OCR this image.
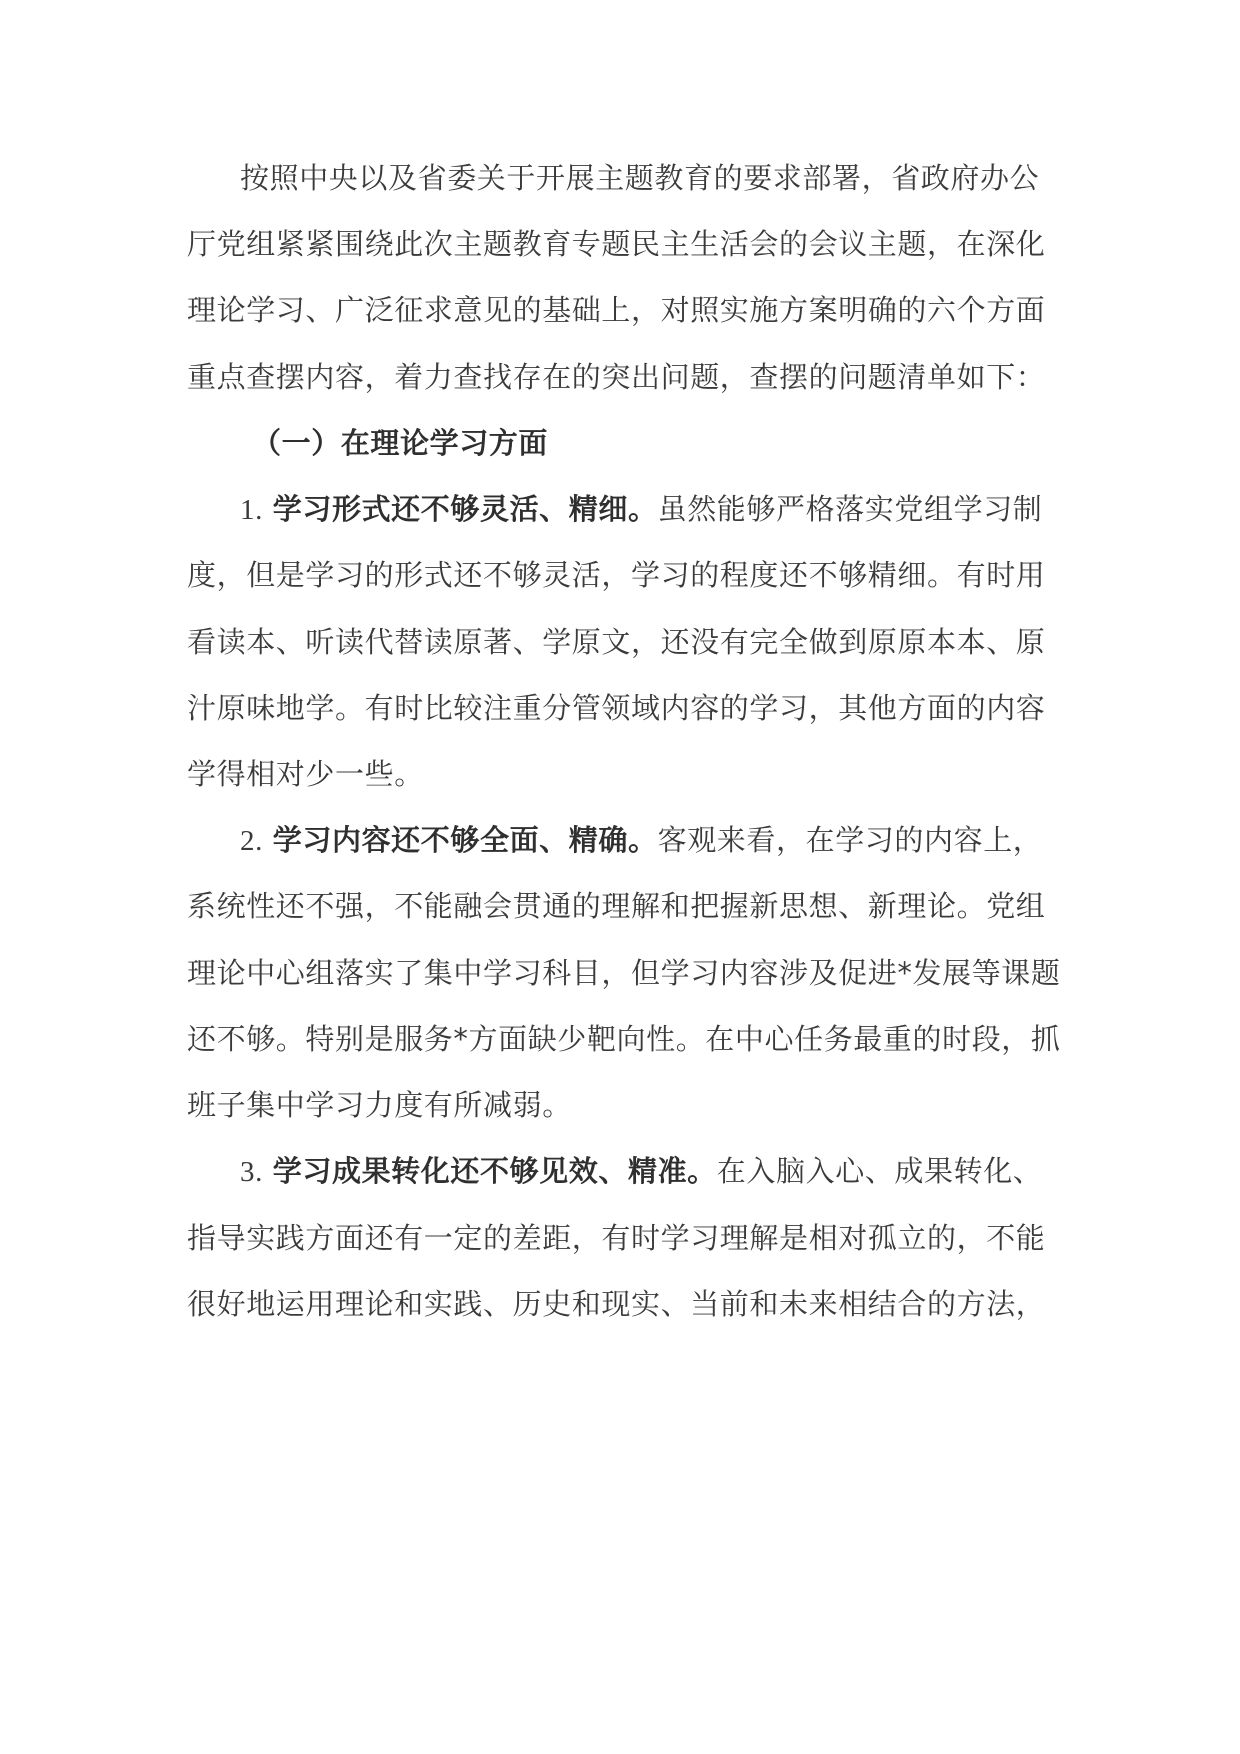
按照中央以及省委关于开展主题教育的要求部署，省政府办公
厅党组紧紧围绕此次主题教育专题民主生活会的会议主题，在深化
理论学习、广泛征求意见的基础上，对照实施方案明确的六个方面
重点查摆内容，着力查找存在的突出问题，查摆的问题清单如下：
（一）在理论学习方面
1. 学习形式还不够灵活、精细。虽然能够严格落实党组学习制
度，但是学习的形式还不够灵活，学习的程度还不够精细。有时用
看读本、听读代替读原著、学原文，还没有完全做到原原本本、原
汁原味地学。有时比较注重分管领域内容的学习，其他方面的内容
学得相对少一些。
2. 学习内容还不够全面、精确。客观来看，在学习的内容上，
系统性还不强，不能融会贯通的理解和把握新思想、新理论。党组
理论中心组落实了集中学习科目，但学习内容涉及促进*发展等课题
还不够。特别是服务*方面缺少靶向性。在中心任务最重的时段，抓
班子集中学习力度有所减弱。
3. 学习成果转化还不够见效、精准。在入脑入心、成果转化、
指导实践方面还有一定的差距，有时学习理解是相对孤立的，不能
很好地运用理论和实践、历史和现实、当前和未来相结合的方法，
